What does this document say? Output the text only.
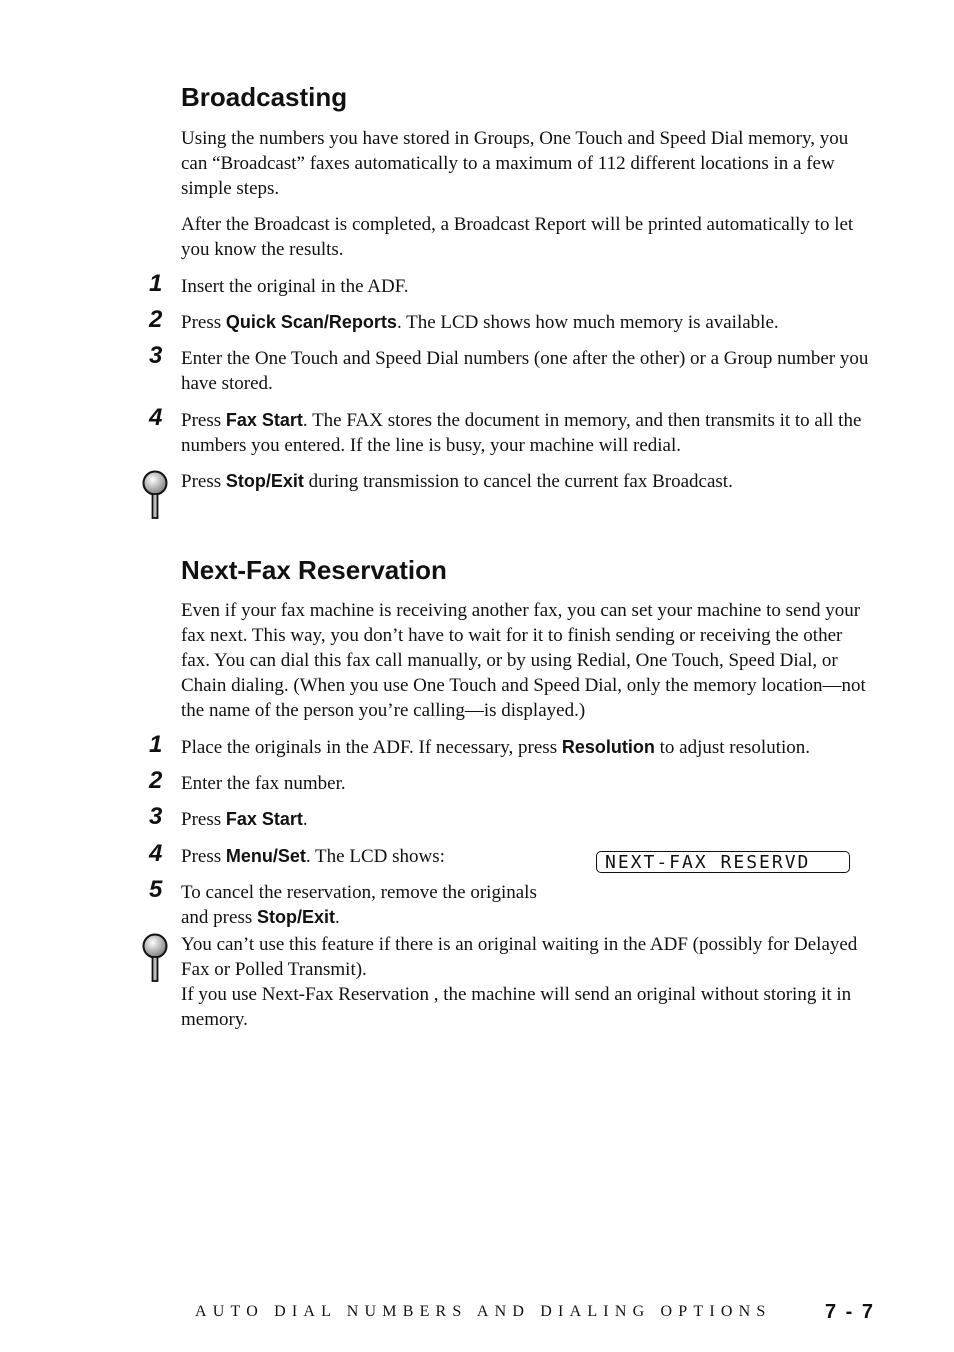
Broadcasting

Using the numbers you have stored in Groups, One Touch and Speed Dial memory, you can “Broadcast” faxes automatically to a maximum of 112 different locations in a few simple steps.

After the Broadcast is completed, a Broadcast Report will be printed automatically to let you know the results.

1 Insert the original in the ADF.
2 Press Quick Scan/Reports. The LCD shows how much memory is available.
3 Enter the One Touch and Speed Dial numbers (one after the other) or a Group number you have stored.
4 Press Fax Start. The FAX stores the document in memory, and then transmits it to all the numbers you entered. If the line is busy, your machine will redial.

Press Stop/Exit during transmission to cancel the current fax Broadcast.

Next-Fax Reservation

Even if your fax machine is receiving another fax, you can set your machine to send your fax next. This way, you don’t have to wait for it to finish sending or receiving the other fax. You can dial this fax call manually, or by using Redial, One Touch, Speed Dial, or Chain dialing. (When you use One Touch and Speed Dial, only the memory location—not the name of the person you’re calling—is displayed.)

1 Place the originals in the ADF. If necessary, press Resolution to adjust resolution.
2 Enter the fax number.
3 Press Fax Start.
4 Press Menu/Set. The LCD shows:	NEXT-FAX RESERVD
5 To cancel the reservation, remove the originals and press Stop/Exit.

You can’t use this feature if there is an original waiting in the ADF (possibly for Delayed Fax or Polled Transmit).

If you use Next-Fax Reservation , the machine will send an original without storing it in memory.

AUTO DIAL NUMBERS AND DIALING OPTIONS	7 - 7
